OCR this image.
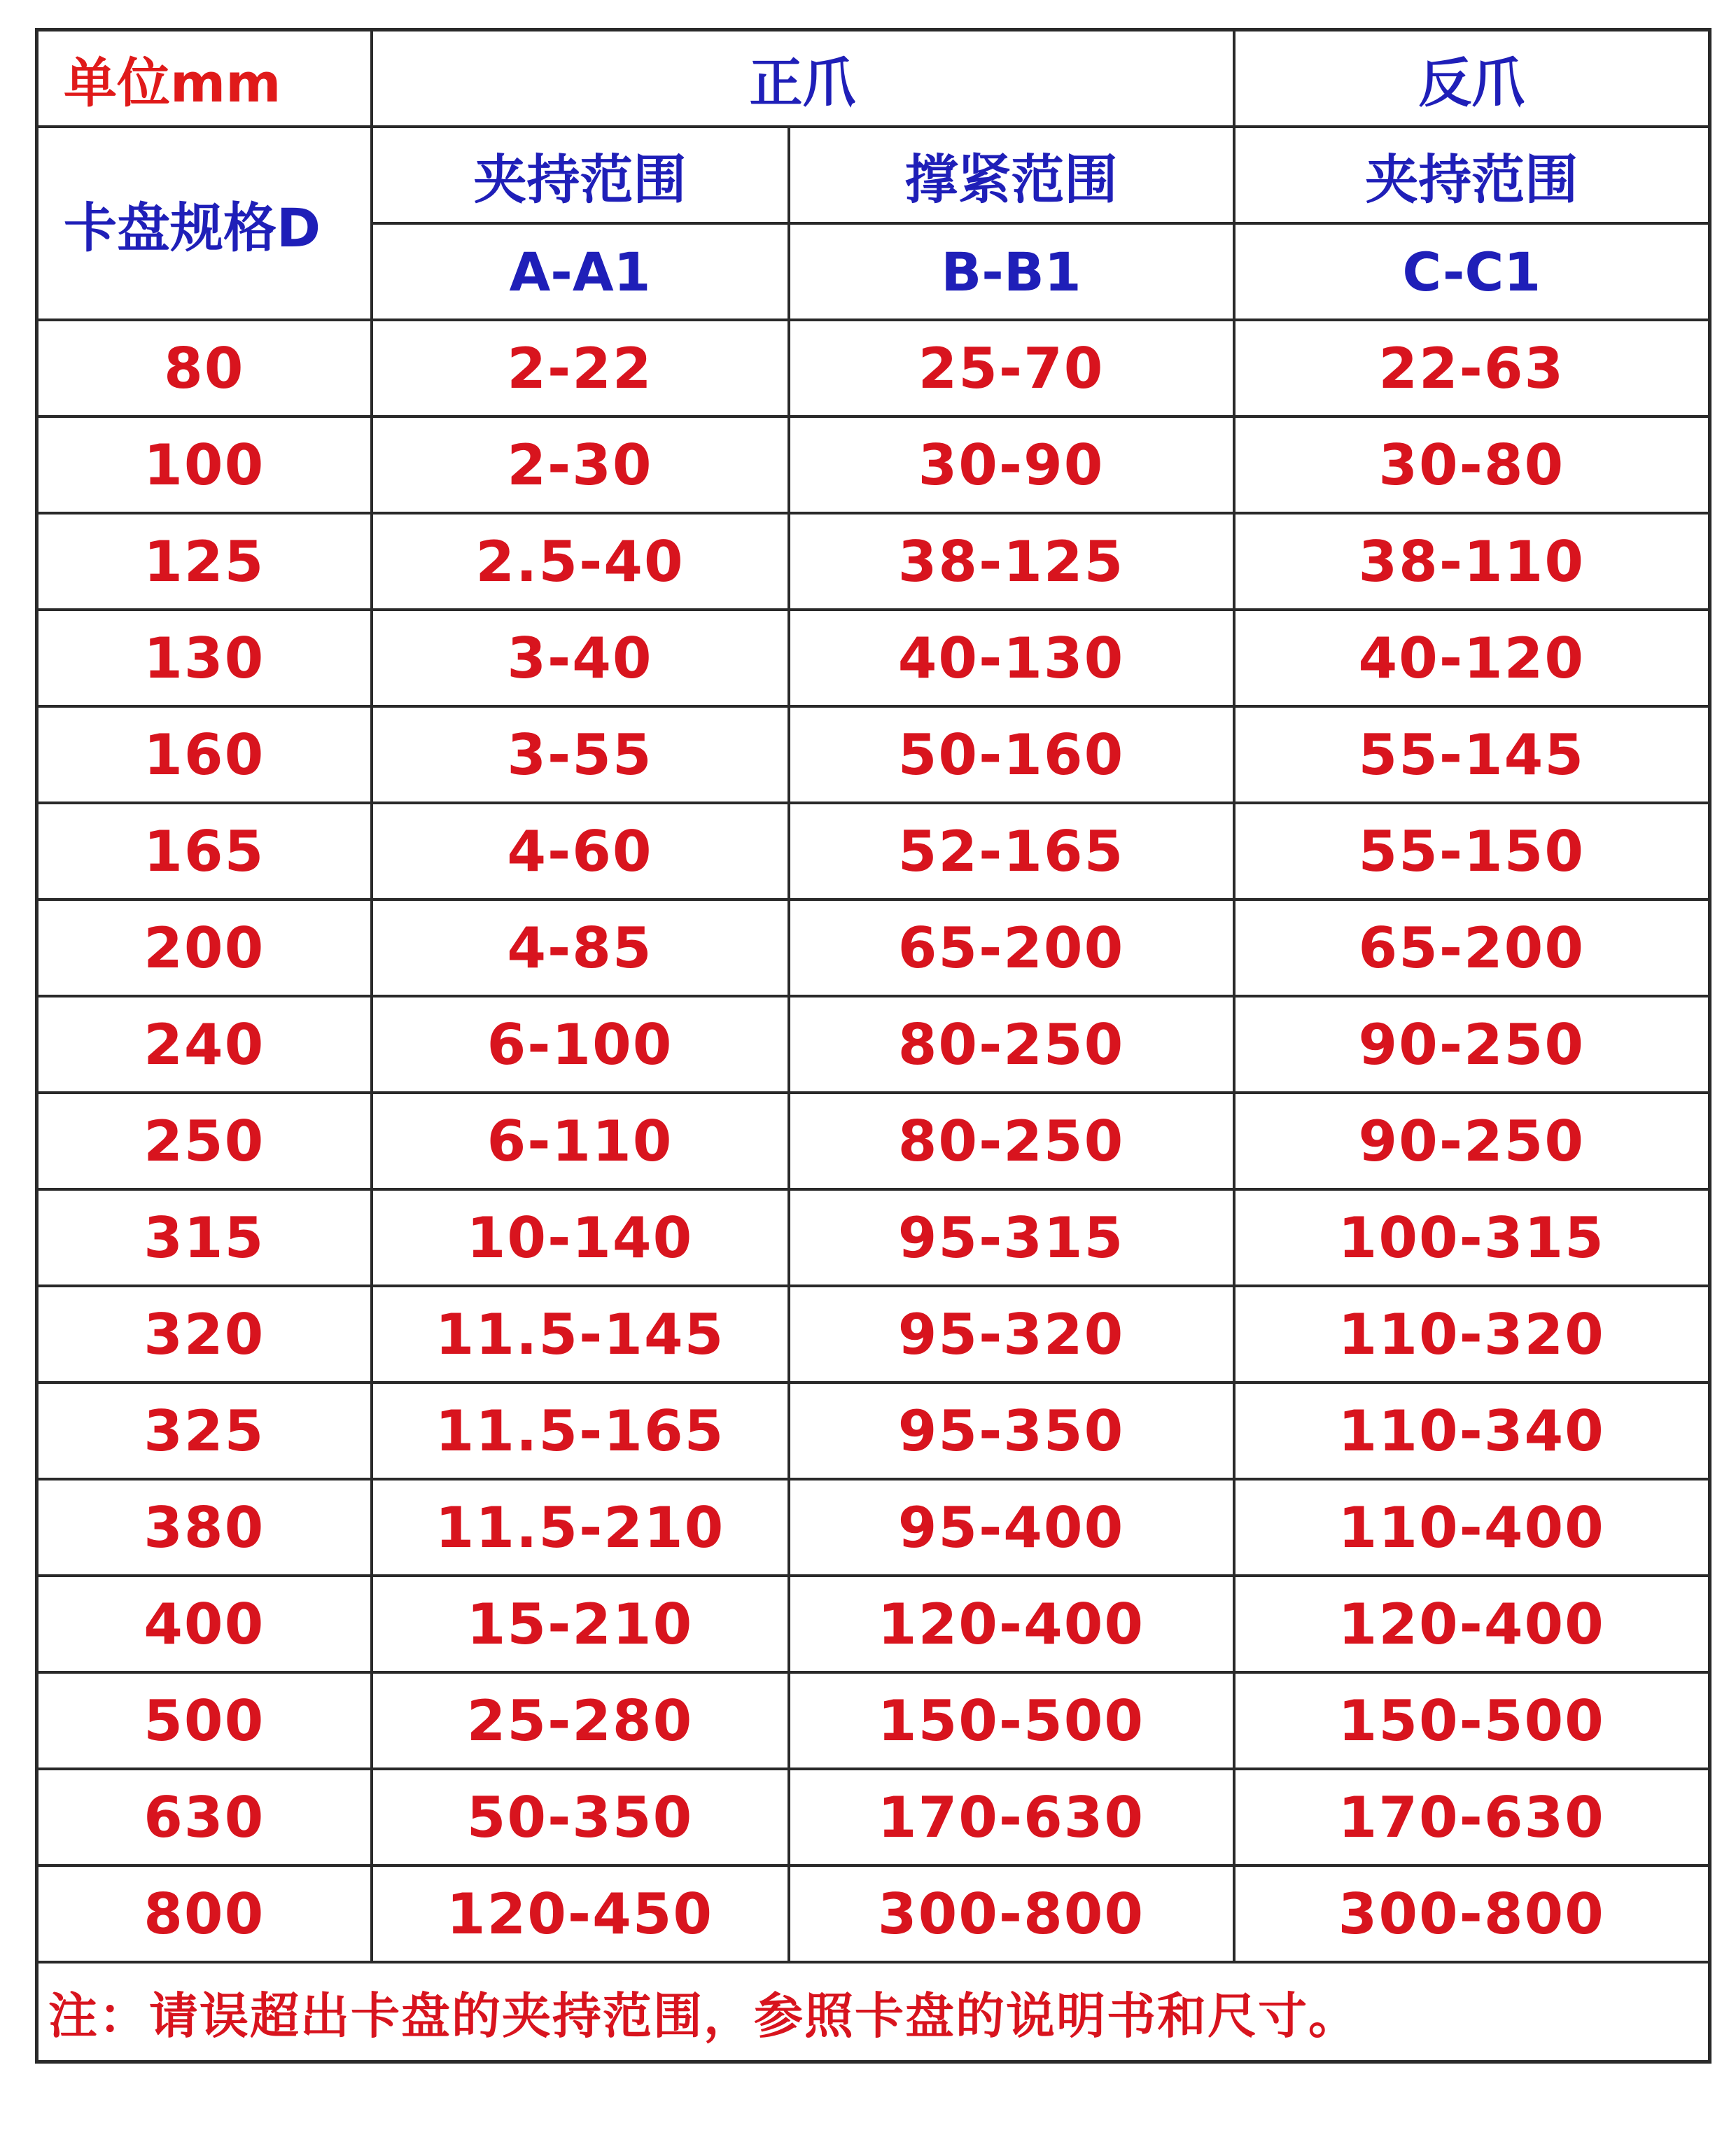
单位mm	正爪		反爪
卡盘规格D	夹持范围	撑紧范围	夹持范围
	A-A1	B-B1	C-C1
80	2-22	25-70	22-63
100	2-30	30-90	30-80
125	2.5-40	38-125	38-110
130	3-40	40-130	40-120
160	3-55	50-160	55-145
165	4-60	52-165	55-150
200	4-85	65-200	65-200
240	6-100	80-250	90-250
250	6-110	80-250	90-250
315	10-140	95-315	100-315
320	11.5-145	95-320	110-320
325	11.5-165	95-350	110-340
380	11.5-210	95-400	110-400
400	15-210	120-400	120-400
500	25-280	150-500	150-500
630	50-350	170-630	170-630
800	120-450	300-800	300-800
注：请误超出卡盘的夹持范围，参照卡盘的说明书和尺寸。			
